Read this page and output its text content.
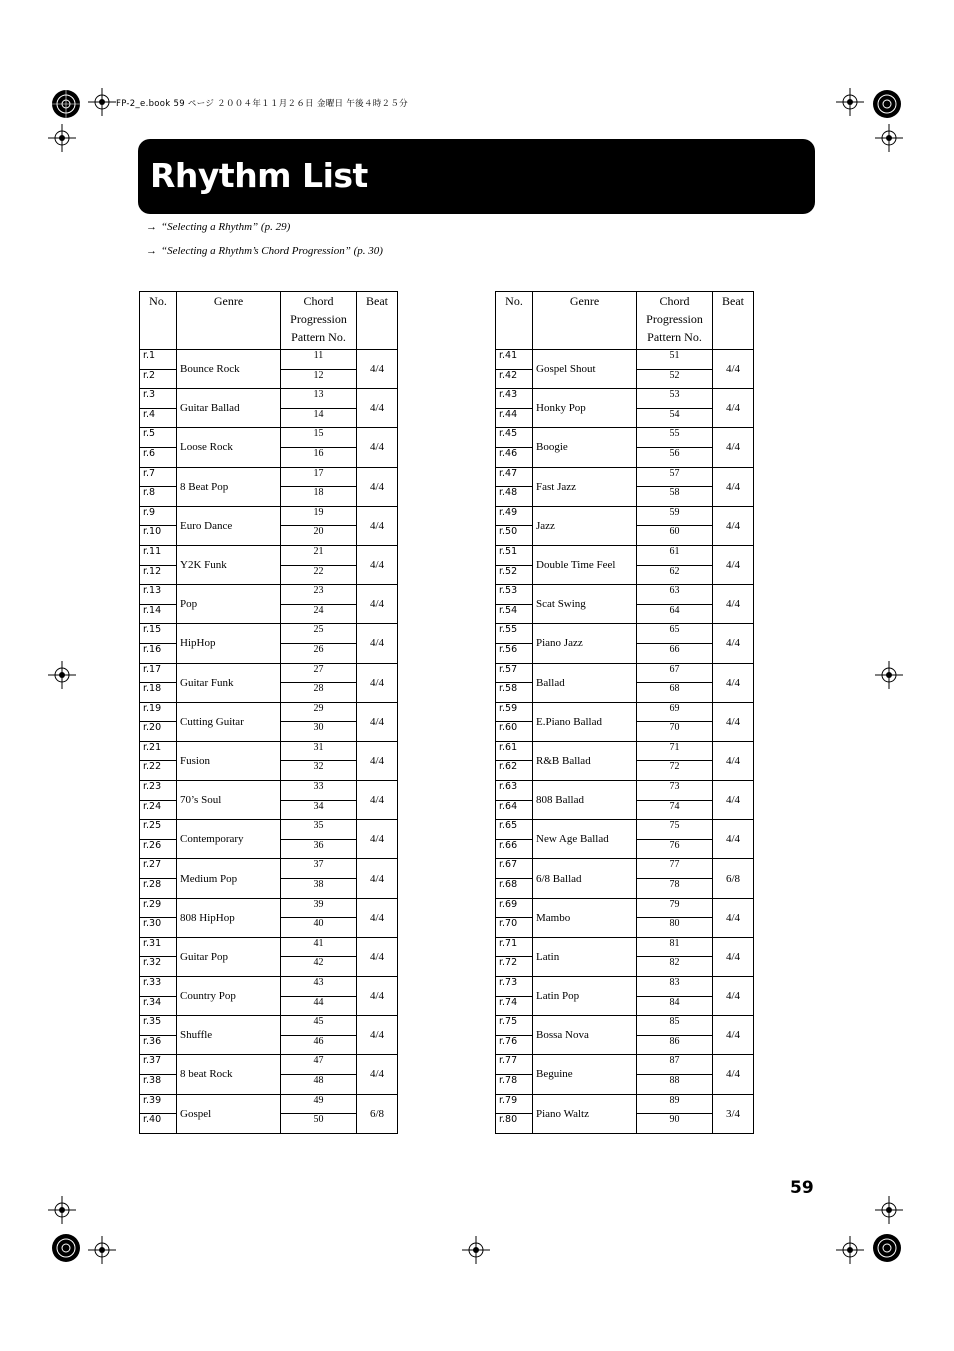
FP-2_e.book 59 ページ ２００４年１１月２６日 金曜日 午後４時２５分
Rhythm List
→ “Selecting a Rhythm” (p. 29)
→ “Selecting a Rhythm’s Chord Progression” (p. 30)
No.	Genre	Chord
Progression
Pattern No.	Beat
r.1	Bounce Rock	11	4/4
r.2		12	
r.3	Guitar Ballad	13	4/4
r.4		14	
r.5	Loose Rock	15	4/4
r.6		16	
r.7	8 Beat Pop	17	4/4
r.8		18	
r.9	Euro Dance	19	4/4
r.10		20	
r.11	Y2K Funk	21	4/4
r.12		22	
r.13	Pop	23	4/4
r.14		24	
r.15	HipHop	25	4/4
r.16		26	
r.17	Guitar Funk	27	4/4
r.18		28	
r.19	Cutting Guitar	29	4/4
r.20		30	
r.21	Fusion	31	4/4
r.22		32	
r.23	70’s Soul	33	4/4
r.24		34	
r.25	Contemporary	35	4/4
r.26		36	
r.27	Medium Pop	37	4/4
r.28		38	
r.29	808 HipHop	39	4/4
r.30		40	
r.31	Guitar Pop	41	4/4
r.32		42	
r.33	Country Pop	43	4/4
r.34		44	
r.35	Shuffle	45	4/4
r.36		46	
r.37	8 beat Rock	47	4/4
r.38		48	
r.39	Gospel	49	6/8
r.40		50	
No.	Genre	Chord
Progression
Pattern No.	Beat
r.41	Gospel Shout	51	4/4
r.42		52	
r.43	Honky Pop	53	4/4
r.44		54	
r.45	Boogie	55	4/4
r.46		56	
r.47	Fast Jazz	57	4/4
r.48		58	
r.49	Jazz	59	4/4
r.50		60	
r.51	Double Time Feel	61	4/4
r.52		62	
r.53	Scat Swing	63	4/4
r.54		64	
r.55	Piano Jazz	65	4/4
r.56		66	
r.57	Ballad	67	4/4
r.58		68	
r.59	E.Piano Ballad	69	4/4
r.60		70	
r.61	R&B Ballad	71	4/4
r.62		72	
r.63	808 Ballad	73	4/4
r.64		74	
r.65	New Age Ballad	75	4/4
r.66		76	
r.67	6/8 Ballad	77	6/8
r.68		78	
r.69	Mambo	79	4/4
r.70		80	
r.71	Latin	81	4/4
r.72		82	
r.73	Latin Pop	83	4/4
r.74		84	
r.75	Bossa Nova	85	4/4
r.76		86	
r.77	Beguine	87	4/4
r.78		88	
r.79	Piano Waltz	89	3/4
r.80		90	
59
